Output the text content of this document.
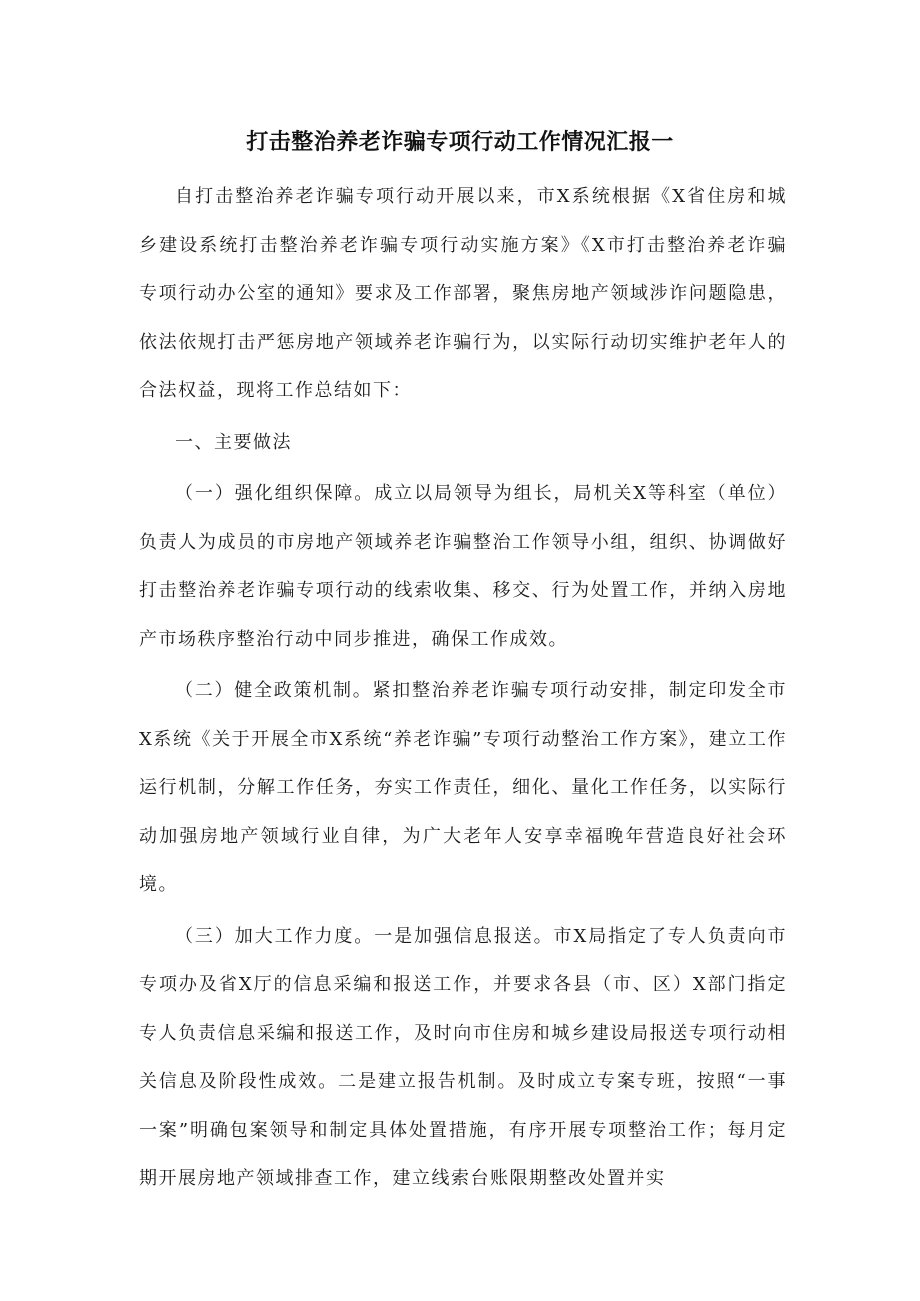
打击整治养老诈骗专项行动工作情况汇报一

自打击整治养老诈骗专项行动开展以来，市X系统根据《X省住房和城乡建设系统打击整治养老诈骗专项行动实施方案》《X市打击整治养老诈骗专项行动办公室的通知》要求及工作部署，聚焦房地产领域涉诈问题隐患，依法依规打击严惩房地产领域养老诈骗行为，以实际行动切实维护老年人的合法权益，现将工作总结如下：

一、主要做法

（一）强化组织保障。成立以局领导为组长，局机关X等科室（单位）负责人为成员的市房地产领域养老诈骗整治工作领导小组，组织、协调做好打击整治养老诈骗专项行动的线索收集、移交、行为处置工作，并纳入房地产市场秩序整治行动中同步推进，确保工作成效。

（二）健全政策机制。紧扣整治养老诈骗专项行动安排，制定印发全市X系统《关于开展全市X系统“养老诈骗”专项行动整治工作方案》，建立工作运行机制，分解工作任务，夯实工作责任，细化、量化工作任务，以实际行动加强房地产领域行业自律，为广大老年人安享幸福晚年营造良好社会环境。

（三）加大工作力度。一是加强信息报送。市X局指定了专人负责向市专项办及省X厅的信息采编和报送工作，并要求各县（市、区）X部门指定专人负责信息采编和报送工作，及时向市住房和城乡建设局报送专项行动相关信息及阶段性成效。二是建立报告机制。及时成立专案专班，按照“一事一案”明确包案领导和制定具体处置措施，有序开展专项整治工作；每月定期开展房地产领域排查工作，建立线索台账限期整改处置并实
